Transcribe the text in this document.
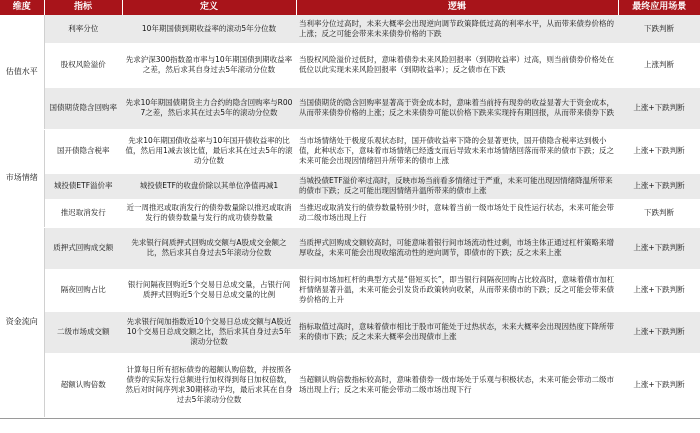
维度	指标	定义	逻辑	最终应用场景
估值水平	利率分位	10年期国债到期收益率的滚动5年分位数	当利率分位过高时，未来大概率会出现逆向调节政策降低过高的利率水平，从而带来债券价格的上涨；反之可能会带来未来债券价格的下跌	下跌判断
	股权风险溢价	先求沪深300指数盈市率与10年期国债到期收益率之差，然后求其自身过去5年滚动分位数	当股权风险溢价过低时，意味着债券未来风险回报率（到期收益率）过高，则当前债券价格处在低位以此实现未来风险回报率（到期收益率）；反之债市在下跌	上涨判断
	国债期货隐含回购率	先求10年期国债期货主力合约的隐含回购率与R007之差，然后求其在过去5年的滚动分位数	当国债期货的隐含回购率显著高于资金成本时，意味着当前持有现券的收益显著大于资金成本，从而带来债券价格的上涨；反之未来债券可能以价格下跌来实现持有期回报，从而带来债券下跌	上涨+下跌判断
市场情绪	国开债隐含税率	先求10年期国债收益率与10年国开债收益率的比值，然后用1减去该比值，最后求其在过去5年的滚动分位数	当市场情绪处于极度乐观状态时，国开债收益率下降的会显著更快，国开债隐含税率达到极小值，此种状态下，意味着市场情绪已经透支而后导致未来市场情绪回落而带来的债市下跌；反之未来可能会出现因情绪回升所带来的债市上涨	上涨+下跌判断
	城投债ETF溢价率	城投债ETF的收盘价除以其单位净值再减1	当城投债ETF溢价率过高时，反映市场当前看多情绪过于严重，未来可能出现因情绪降温所带来的债市下跌；反之可能出现因情绪升温所带来的债市上涨	上涨+下跌判断
	推迟取消发行	近一周推迟或取消发行的债券数量除以推迟或取消发行的债券数量与发行的成功债券数量	当推迟或取消发行的债券数量特别少时，意味着当前一级市场处于良性运行状态，未来可能会带动二级市场出现上行	下跌判断
资金流向	质押式回购成交额	先求银行间质押式回购成交额与A股成交金额之比，然后求其自身过去5年滚动分位数	当质押式回购成交额较高时，可能意味着银行间市场流动性过剩，市场主体正通过杠杆策略来增厚收益，未来可能会出现收缩流动性的逆向调节，即债市的下跌；反之未来上涨	上涨+下跌判断
	隔夜回购占比	银行间隔夜回购近5个交易日总成交量，占银行间质押式回购近5个交易日总成交量的比例	银行间市场加杠杆的典型方式是“借短买长”，即当银行间隔夜回购占比较高时，意味着债市加杠杆情绪显著升温，未来可能会引发货币政策转向收紧，从而带来债市的下跌；反之可能会带来债券价格的上升	上涨+下跌判断
	二级市场成交额	先求银行间加指数近10个交易日总成交额与A股近10个交易日总成交额之比，然后求其自身过去5年滚动分位数	指标取值过高时，意味着债市相比于股市可能处于过热状态，未来大概率会出现因热度下降所带来的债市下跌；反之未来大概率会出现债市上涨	上涨+下跌判断
	超额认购倍数	计算每日所有招标债券的超额认购倍数，并按照各债券的实际发行总额进行加权得到每日加权倍数，然后对时间序列求30期移动平均，最后求其在自身过去5年滚动分位数	当超额认购倍数指标较高时，意味着债券一级市场处于乐观与积极状态，未来可能会带动二级市场出现上行；反之未来可能会带动二级市场出现下行	上涨+下跌判断
